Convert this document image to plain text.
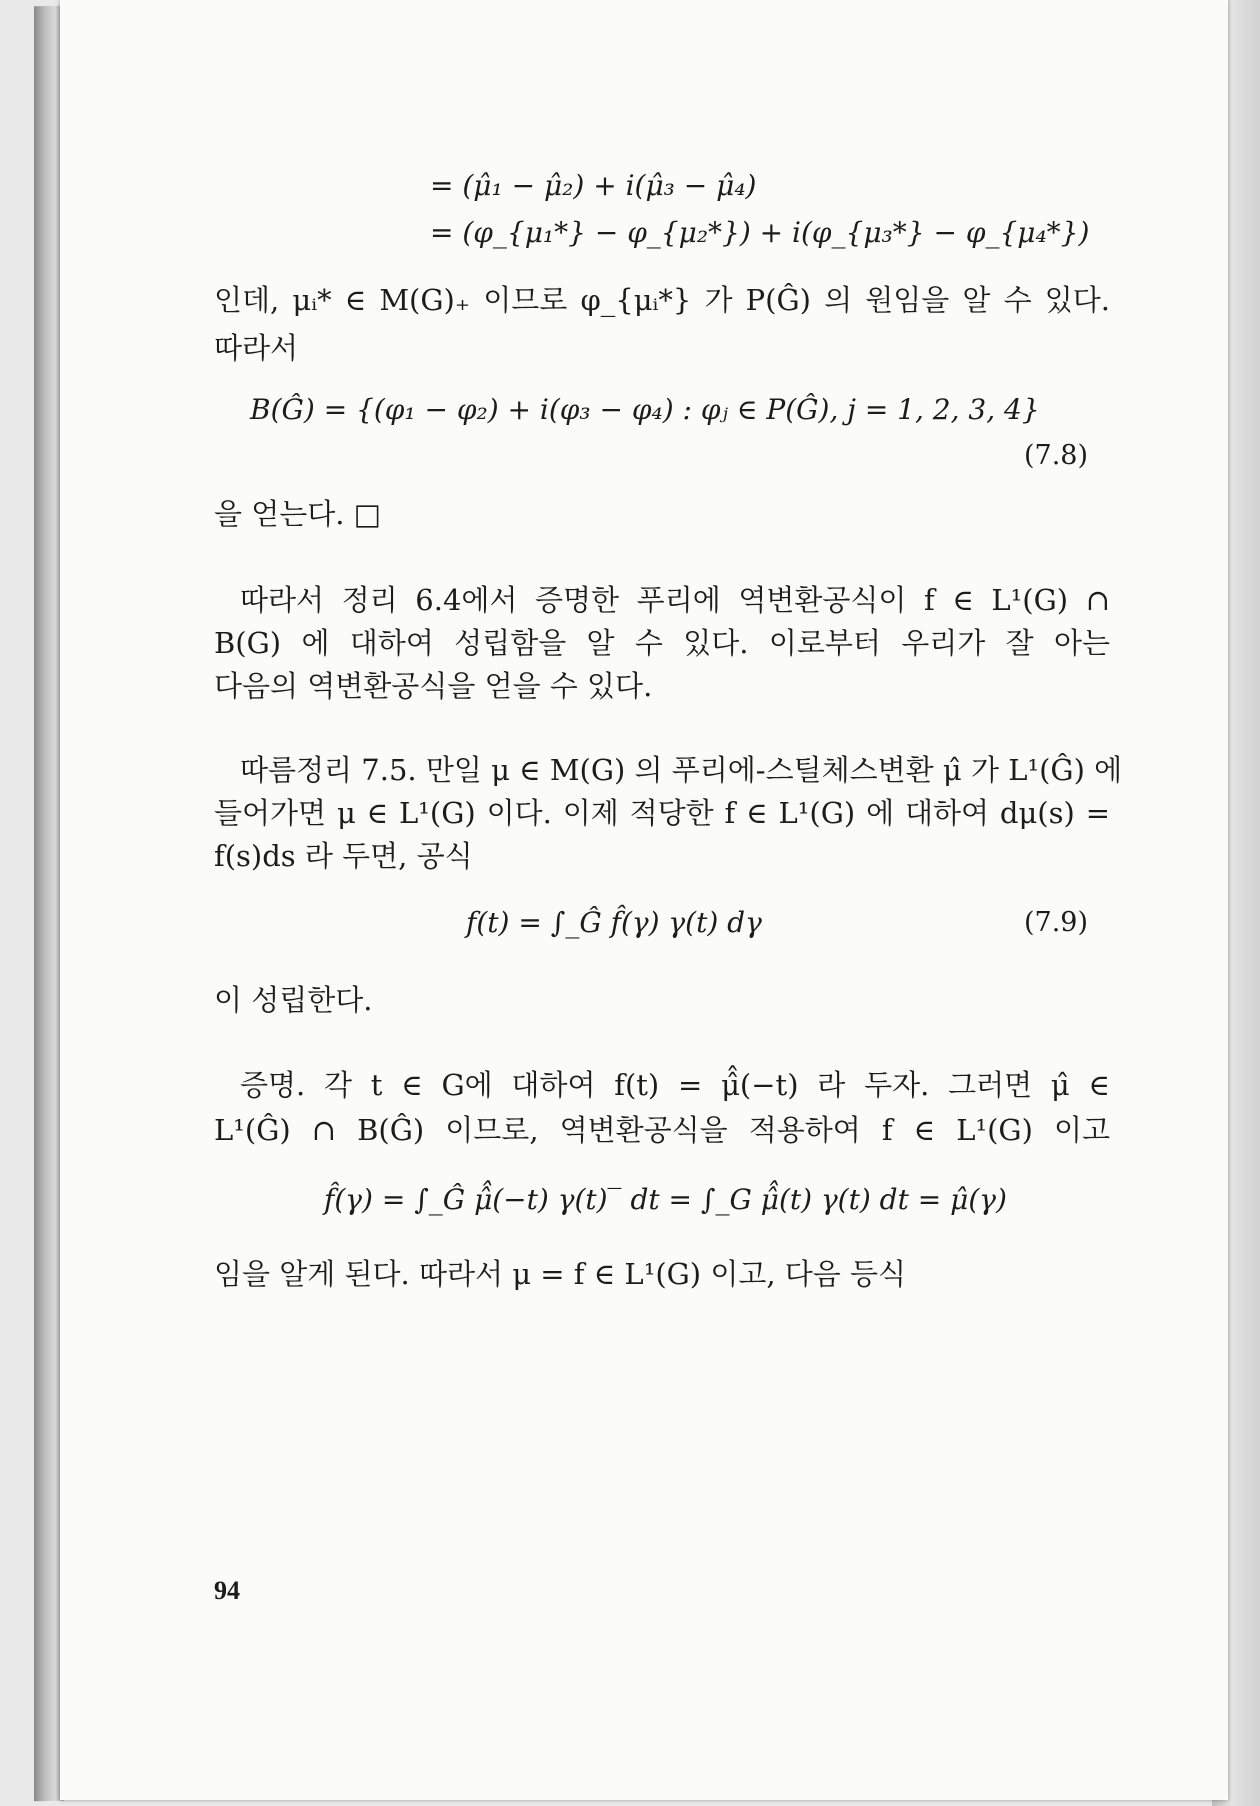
= (μ̂₁ − μ̂₂) + i(μ̂₃ − μ̂₄)
= (φ_{μ₁*} − φ_{μ₂*}) + i(φ_{μ₃*} − φ_{μ₄*})
인데, μᵢ* ∈ M(G)₊ 이므로 φ_{μᵢ*} 가 P(Ĝ) 의 원임을 알 수 있다.
따라서
B(Ĝ) = {(φ₁ − φ₂) + i(φ₃ − φ₄) : φⱼ ∈ P(Ĝ), j = 1, 2, 3, 4}
(7.8)
을 얻는다. □
따라서 정리 6.4에서 증명한 푸리에 역변환공식이 f ∈ L¹(G) ∩
B(G) 에 대하여 성립함을 알 수 있다. 이로부터 우리가 잘 아는
다음의 역변환공식을 얻을 수 있다.
따름정리 7.5. 만일 μ ∈ M(G) 의 푸리에-스틸체스변환 μ̂ 가 L¹(Ĝ) 에
들어가면 μ ∈ L¹(G) 이다. 이제 적당한 f ∈ L¹(G) 에 대하여 dμ(s) =
f(s)ds 라 두면, 공식
f(t) = ∫_Ĝ f̂(γ) γ(t) dγ	(7.9)
이 성립한다.
증명. 각 t ∈ G에 대하여 f(t) = μ̂̂(−t) 라 두자. 그러면 μ̂ ∈
L¹(Ĝ) ∩ B(Ĝ) 이므로, 역변환공식을 적용하여 f ∈ L¹(G) 이고
f̂(γ) = ∫_Ĝ μ̂̂(−t) γ(t)‾ dt = ∫_G μ̂̂(t) γ(t) dt = μ̂(γ)
임을 알게 된다. 따라서 μ = f ∈ L¹(G) 이고, 다음 등식
94
